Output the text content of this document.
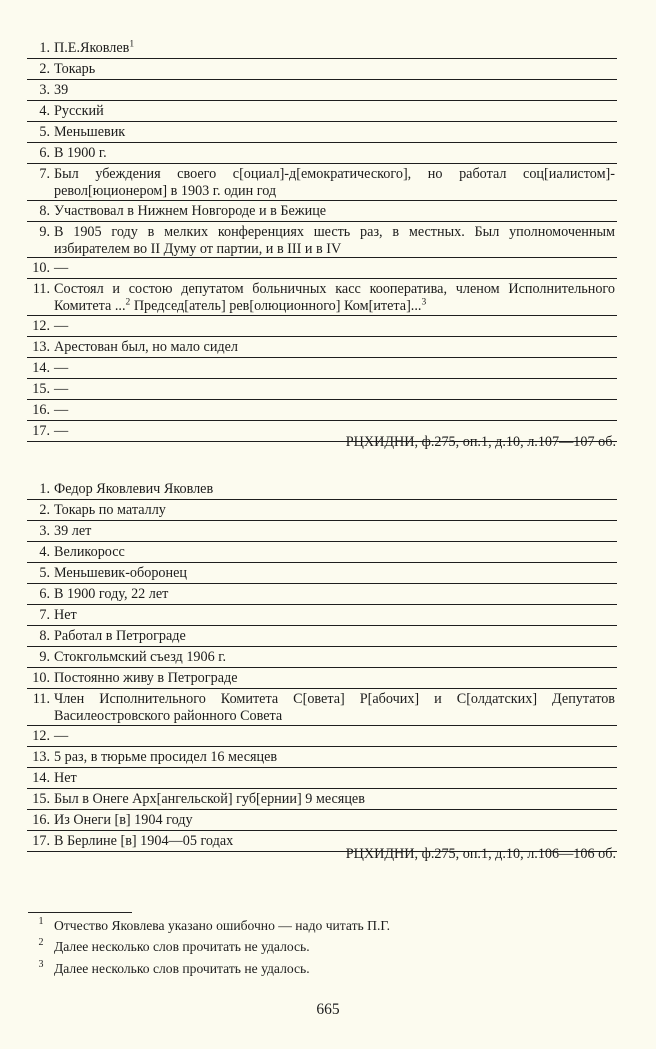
1. П.Е.Яковлев$^1$
2. Токарь
3. 39
4. Русский
5. Меньшевик
6. В 1900 г.
7. Был убеждения своего с[оциал]-д[емократического], но работал соц[иалистом]-револ[юционером] в 1903 г. один год
8. Участвовал в Нижнем Новгороде и в Бежице
9. В 1905 году в мелких конференциях шесть раз, в местных. Был уполномоченным избирателем во II Думу от партии, и в III и в IV
10. —
11. Состоял и состою депутатом больничных касс кооператива, членом Исполнительного Комитета ...$^2$ Председ[атель] рев[олюционного] Ком[итета]...$^3$
12. —
13. Арестован был, но мало сидел
14. —
15. —
16. —
17. —
РЦХИДНИ, ф.275, оп.1, д.10, л.107—107 об.
1. Федор Яковлевич Яковлев
2. Токарь по маталлу
3. 39 лет
4. Великоросс
5. Меньшевик-оборонец
6. В 1900 году, 22 лет
7. Нет
8. Работал в Петрограде
9. Стокгольмский съезд 1906 г.
10. Постоянно живу в Петрограде
11. Член Исполнительного Комитета С[овета] Р[абочих] и С[олдатских] Депутатов Василеостровского районного Совета
12. —
13. 5 раз, в тюрьме просидел 16 месяцев
14. Нет
15. Был в Онеге Арх[ангельской] губ[ернии] 9 месяцев
16. Из Онеги [в] 1904 году
17. В Берлине [в] 1904—05 годах
РЦХИДНИ, ф.275, оп.1, д.10, л.106—106 об.
1 Отчество Яковлева указано ошибочно — надо читать П.Г.
2 Далее несколько слов прочитать не удалось.
3 Далее несколько слов прочитать не удалось.
665
